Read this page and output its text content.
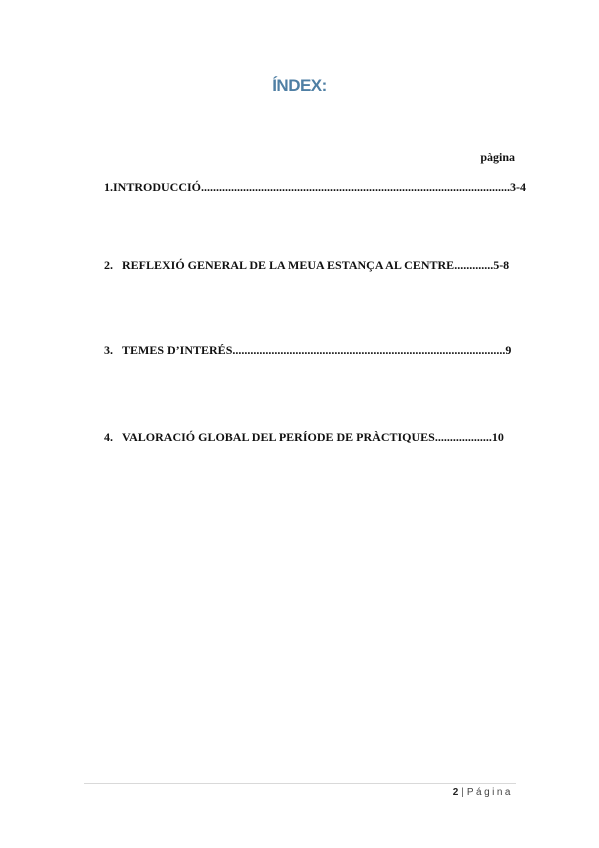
ÍNDEX:
pàgina
1. INTRODUCCIÓ ....................................................................................................... 3-4
2. REFLEXIÓ GENERAL DE LA MEUA ESTANÇA AL CENTRE ............. 5-8
3. TEMES D’INTERÉS ........................................................................................... 9
4. VALORACIÓ GLOBAL DEL PERÍODE DE PRÀCTIQUES ................... 10
2 | Página
